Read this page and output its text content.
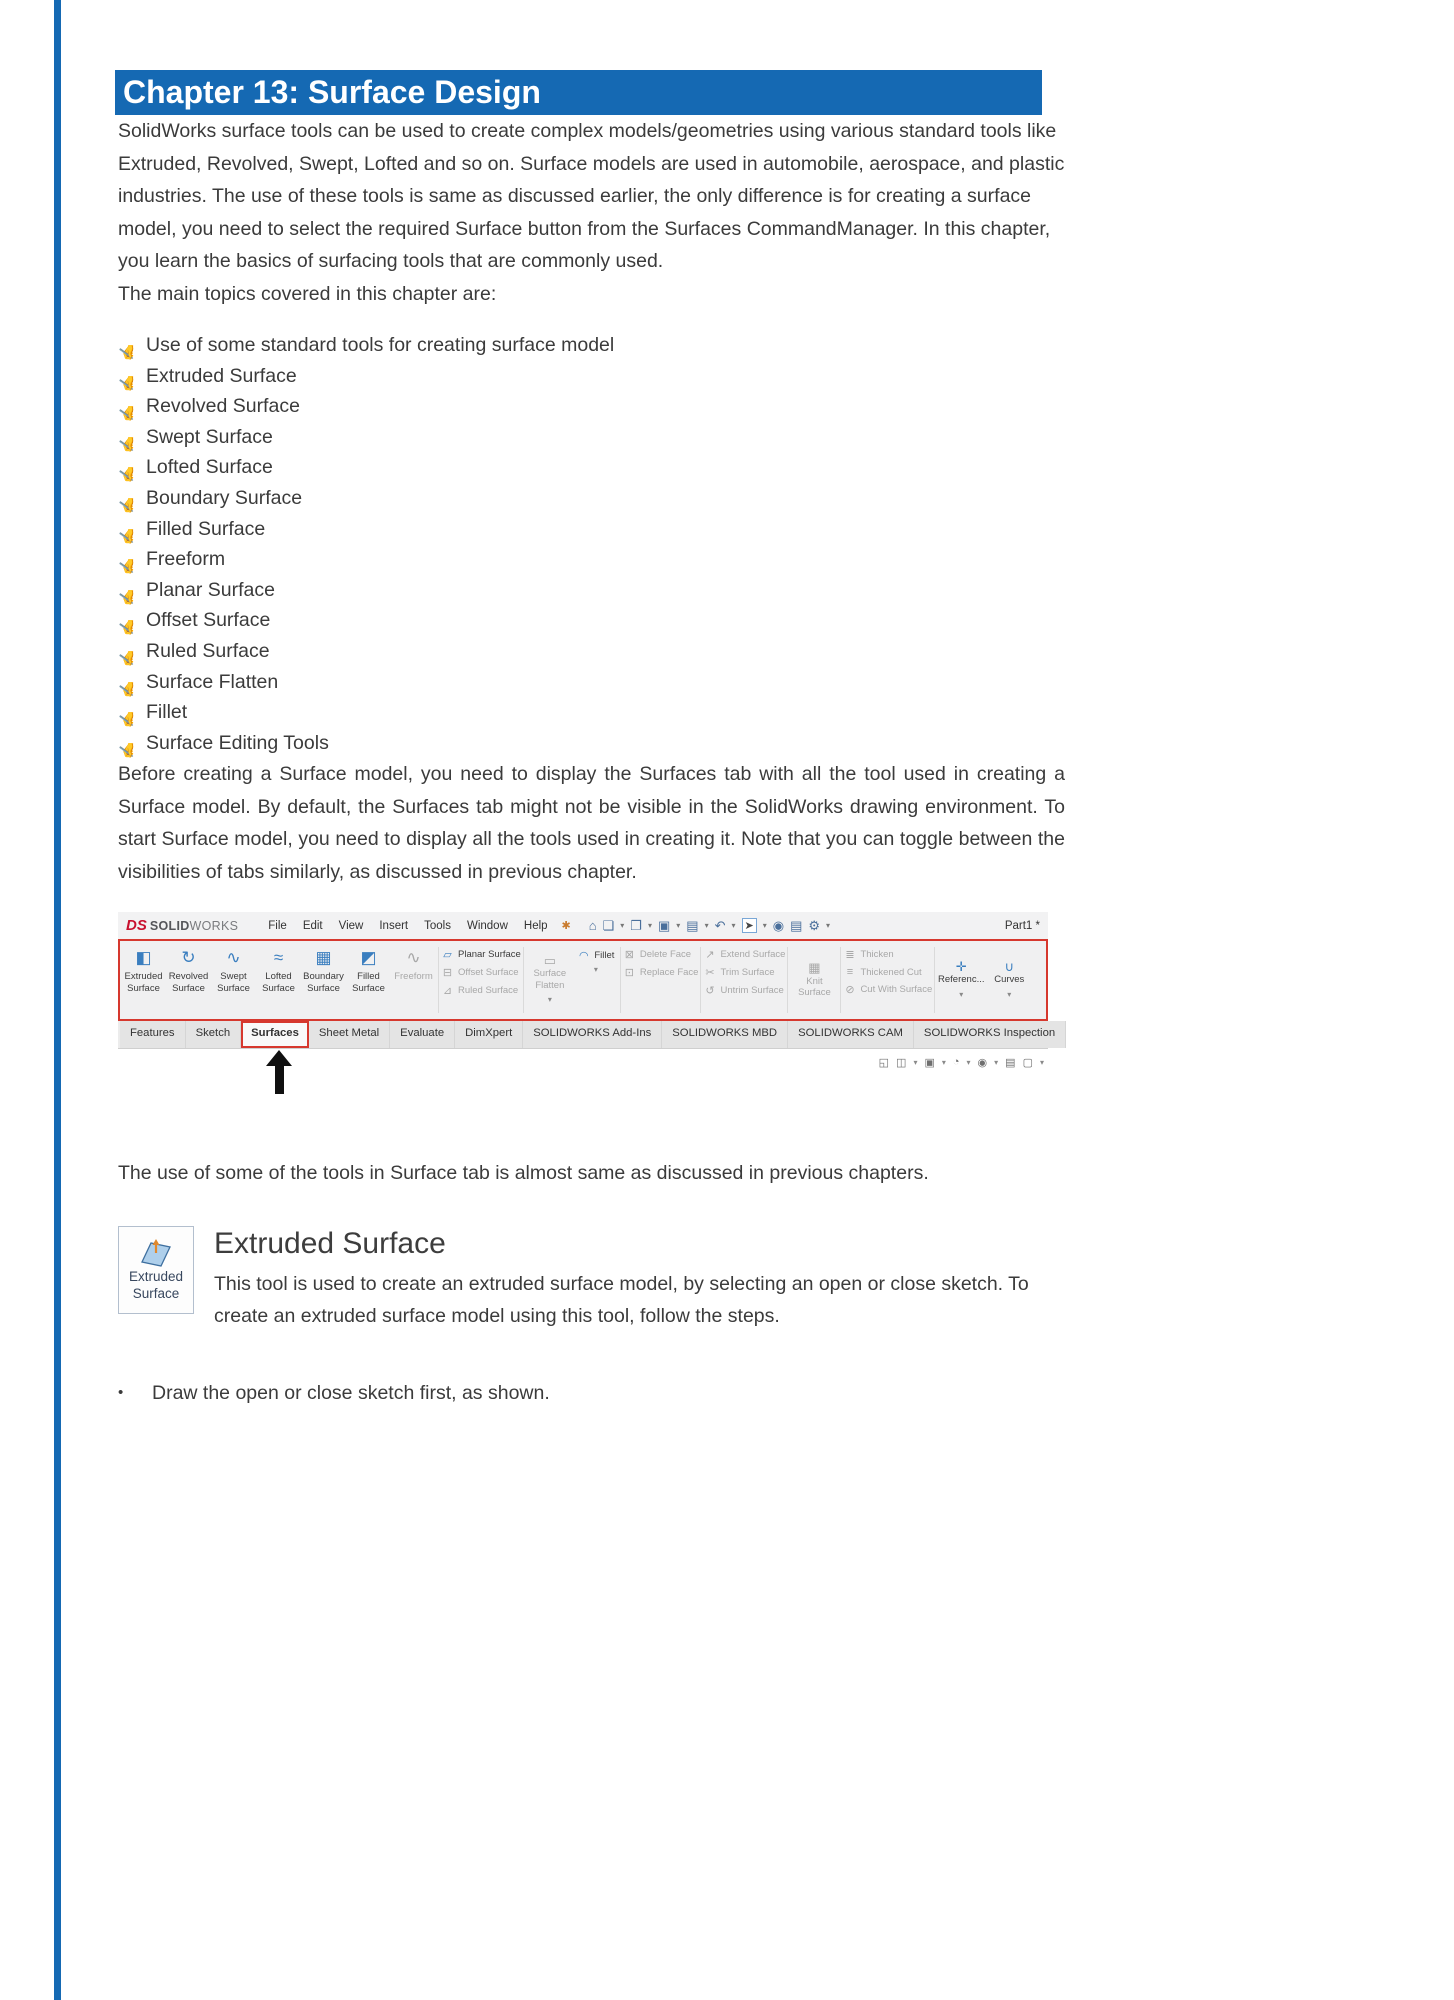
Chapter 13: Surface Design

SolidWorks surface tools can be used to create complex models/geometries using various standard tools like Extruded, Revolved, Swept, Lofted and so on. Surface models are used in automobile, aerospace, and plastic industries. The use of these tools is same as discussed earlier, the only difference is for creating a surface model, you need to select the required Surface button from the Surfaces CommandManager. In this chapter, you learn the basics of surfacing tools that are commonly used.

The main topics covered in this chapter are:

✍ Use of some standard tools for creating surface model
✍ Extruded Surface
✍ Revolved Surface
✍ Swept Surface
✍ Lofted Surface
✍ Boundary Surface
✍ Filled Surface
✍ Freeform
✍ Planar Surface
✍ Offset Surface
✍ Ruled Surface
✍ Surface Flatten
✍ Fillet
✍ Surface Editing Tools

Before creating a Surface model, you need to display the Surfaces tab with all the tool used in creating a Surface model. By default, the Surfaces tab might not be visible in the SolidWorks drawing environment. To start Surface model, you need to display all the tools used in creating it. Note that you can toggle between the visibilities of tabs similarly, as discussed in previous chapter.

DS SOLID WORKS	File	Edit	View	Insert	Tools	Window	Help	✱ ⌂ ❏ ▾ ❐ ▾ ▣ ▾ ▤ ▾ ↶ ▾ ➤	▾ ◉ ▤ ⚙ ▾	Part1 *
◧
Extruded
Surface
↻
Revolved
Surface
∿
Swept
Surface
≈
Lofted
Surface
▦
Boundary
Surface
◩
Filled
Surface
∿
Freeform
▱ Planar Surface
⊟ Offset Surface
⊿ Ruled Surface
▭
Surface
Flatten
▾
◠ Fillet
▾
⊠ Delete Face
⊡ Replace Face
↗ Extend Surface
✂ Trim Surface
↺ Untrim Surface
▦
Knit
Surface
≣ Thicken
≡ Thickened Cut
⊘ Cut With Surface
✛
Referenc...
▾
∪
Curves
▾
Features	Sketch	Surfaces	Sheet Metal	Evaluate	DimXpert	SOLIDWORKS Add-Ins	SOLIDWORKS MBD	SOLIDWORKS CAM	SOLIDWORKS Inspection
◱ ◫ ▾ ▣ ▾ ◔ ▾ ◉ ▾ ▤ ▢ ▾

The use of some of the tools in Surface tab is almost same as discussed in previous chapters.

Extruded
Surface
Extruded Surface

This tool is used to create an extruded surface model, by selecting an open or close sketch. To create an extruded surface model using this tool, follow the steps.

•	Draw the open or close sketch first, as shown.
